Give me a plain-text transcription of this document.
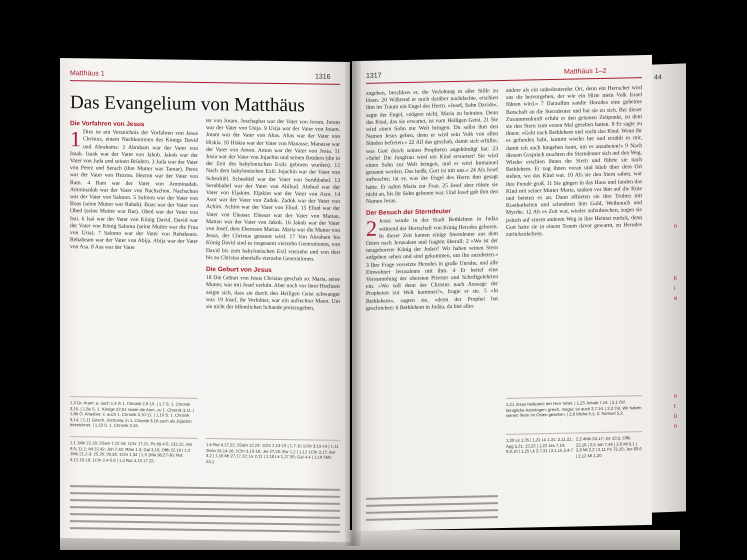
44
n
k
i
e
n
t
ü
n
Matthäus 1	1316
Das Evangelium von Matthäus
Die Vorfahren von Jesus

1 Dies ist ein Verzeichnis der Vorfahren von Jesus Christus, einem Nachkommen des Königs David und Abrahams: 2 Abraham war der Vater von Isaak. Isaak war der Vater von Jakob. Jakob war der Vater von Juda und seinen Brüdern. 3 Juda war der Vater von Perez und Serach (ihre Mutter war Tamar). Perez war der Vater von Hezron. Hezron war der Vater von Ram. 4 Ram war der Vater von Amminadab. Amminadab war der Vater von Nachschon. Nachschon war der Vater von Salmon. 5 Salmon war der Vater von Boas (seine Mutter war Rahab). Boas war der Vater von Obed (seine Mutter war Rut). Obed war der Vater von Isai. 6 Isai war der Vater von König David. David war der Vater von König Salomo (seine Mutter war die Frau von Uria). 7 Salomo war der Vater von Rehabeam. Rehabeam war der Vater von Abija. Abija war der Vater von Asa. 8 Asa war der Vater

1,3 Gr. Aram; a. auch 1,4 in 1. Chronik 2,9-10. | 1,7 S. 1. Chronik 3,10. | 1,8a S. 1. Könige 22,51 sowie die Anm. zu 1. Chronik 3,11. | 1,8b Ö. Ahasbar; s. auch 1. Chronik 3,10-11. | 1,10 S. 1. Chronik 3,14. | 1,11 Griech. Jechonia; in 1. Chronik 3,16 auch als Jojachin bezeichnet. | 1,13 S. 1. Chronik 3,16.
1,1 1Mo 22,18; 2Sam 7,12-16; 1Chr 17,11; Ps 89,4-5; 132,11; Jes 9,5; 11,1; Mt 22,42; Joh 7,42; Röm 1,3; Gal 3,16; Offb 22,16 | 1,2 1Mo 21,2-3; 25,26; 29,35; 1Chr 1,34 | 1,3 1Mo 38,27-30; Rut 4,12.18-19; 1Chr 2,4-5.9 | 1,4 Rut 4,13.17.22;

ter von Joram. Joschaphat war der Vater von Joram. Joram war der Vater von Usija. 9 Usija war der Vater von Jotam. Jotam war der Vater von Ahas. Ahas war der Vater von Hiskia. 10 Hiskia war der Vater von Manasse. Manasse war der Vater von Amon. Amon war der Vater von Josia. 11 Josia war der Vater von Jojachin und seinen Brüdern (die in der Zeit des babylonischen Exils geboren wurden). 12 Nach dem babylonischen Exil: Jojachin war der Vater von Schealtiël. Schealtiël war der Vater von Serubbabel. 13 Serubbabel war der Vater von Abihud. Abihud war der Vater von Eljakim. Eljakim war der Vater von Asor. 14 Asor war der Vater von Zadok. Zadok war der Vater von Achim. Achim war der Vater von Eliud. 15 Eliud war der Vater von Eleasar. Eleasar war der Vater von Mattan. Mattan war der Vater von Jakob. 16 Jakob war der Vater von Josef, dem Ehemann Marias. Maria war die Mutter von Jesus, der Christus genannt wird. 17 Von Abraham bis König David sind es insgesamt vierzehn Generationen, von David bis zum babylonischen Exil vierzehn und von dort bis zu Christus ebenfalls vierzehn Generationen.

Die Geburt von Jesus

18 Die Geburt von Jesus Christus geschah so: Maria, seine Mutter, war mit Josef verlobt. Aber noch vor ihrer Hochzeit zeigte sich, dass sie durch den Heiligen Geist schwanger war. 19 Josef, ihr Verlobter, war ein aufrechter Mann. Um sie nicht der öffentlichen Schande preiszugeben,

1,6 Rut 4,17,22; 2Sam 12,24; 1Chr 2,13-15 | 1,7-10 1Chr 3,10-14 | 1,11 2Kön 24,14-16; 1Chr 3,15-16; Jer 27,20; Esr 1,2 | 1,12 1Chr 3,17; Esr 3,2 | 1,16 Mt 27,17.22; Lk 2,11 | 1,18 Lk 1,27.35; Gal 4,4 | 1,19 5Mo 24,1
1317
Matthäus 1–2

zugeben, beschloss er, die Verlobung in aller Stille zu lösen. 20 Während er noch darüber nachdachte, erschien ihm im Traum ein Engel des Herrn. »Josef, Sohn Davids«, sagte der Engel, »zögere nicht, Maria zu heiraten. Denn das Kind, das sie erwartet, ist vom Heiligen Geist. 21 Sie wird einen Sohn zur Welt bringen. Du sollst ihm den Namen Jesus geben, denn er wird sein Volk von allen Sünden befreien.« 22 All das geschah, damit sich erfüllte, was Gott durch seinen Propheten angekündigt hat: 23 »Seht! Die Jungfrau wird ein Kind erwarten! Sie wird einen Sohn zur Welt bringen, und er wird Immanuel genannt werden. Das heißt, Gott ist mit uns.« 24 Als Josef aufwachte, tat er, was der Engel des Herrn ihm gesagt hatte. Er nahm Maria zur Frau. 25 Josef aber rührte sie nicht an, bis ihr Sohn geboren war. Und Josef gab ihm den Namen Jesus.

Der Besuch der Sterndeuter

2 Jesus wurde in der Stadt Bethlehem in Judäa während der Herrschaft von König Herodes geboren. In dieser Zeit kamen einige Sterndeuter aus dem Osten nach Jerusalem und fragten überall: 2 »Wo ist der neugeborene König der Juden? Wir haben seinen Stern aufgehen sehen und sind gekommen, um ihn anzubeten.« 3 Ihre Frage versetzte Herodes in große Unruhe, und alle Einwohner Jerusalems mit ihm. 4 Er berief eine Versammlung der obersten Priester und Schriftgelehrten ein. »Wo soll denn der Christus nach Aussage der Propheten zur Welt kommen?«, fragte er sie. 5 »In Bethlehem«, sagten sie, »denn der Prophet hat geschrieben: 6 Bethlehem in Judäa, du bist alles

andere als ein unbedeutender Ort, denn ein Herrscher wird aus dir hervorgehen, der wie ein Hirte mein Volk Israel führen wird.« 7 Daraufhin sandte Herodes eine geheime Botschaft an die Sterndeuter und bat sie zu sich. Bei dieser Zusammenkunft erfuhr er den genauen Zeitpunkt, zu dem sie den Stern zum ersten Mal gesehen hatten. 8 Er sagte zu ihnen: »Geht nach Bethlehem und sucht das Kind. Wenn ihr es gefunden habt, kommt wieder her und erzählt es mir, damit ich auch hingehen kann, um es anzubeten!« 9 Nach diesem Gespräch machten die Sterndeuter sich auf den Weg. Wieder erschien ihnen der Stern und führte sie nach Bethlehem. Er zog ihnen voran und blieb über dem Ort stehen, wo das Kind war. 10 Als sie den Stern sahen, war ihre Freude groß. 11 Sie gingen in das Haus und fanden das Kind mit seiner Mutter Maria, sanken vor ihm auf die Knie und beteten es an. Dann öffneten sie ihre Truhen mit Kostbarkeiten und schenkten ihm Gold, Weihrauch und Myrrhe. 12 Als es Zeit war, wieder aufzubrechen, zogen sie jedoch auf einem anderen Weg in ihre Heimat zurück, denn Gott hatte sie in einem Traum davor gewarnt, zu Herodes zurückzukehren.

1,21 Jesus bedeutet: der Herr rettet. | 1,23 Jesaja 7,14. | 2,1 Od. königliche Astrologen; griech. magoi; so auch 2,7.16. | 2,2 Od. Wir haben seinen Stern im Osten gesehen. | 2,6 Micha 5,1; 2. Samuel 5,2.
1,20 Lk 1,35 | 1,21 Lk 1,31; 2,11.21; Apg 5,31; 13,23 | 1,23 Jes 7,14; 8,8.10 | 1,25 Lk 2,7.21 | 2,1 Lk 2,4-7
2,2 4Mo 24,17; Jer 23,5; Offb 22,16 | 2,5 Joh 7,42 | 2,6 Mi 5,1 | 2,8 Mt 2,2 | 2,11 Ps 72,10; Jes 60,6 | 2,12 Mt 1,20
